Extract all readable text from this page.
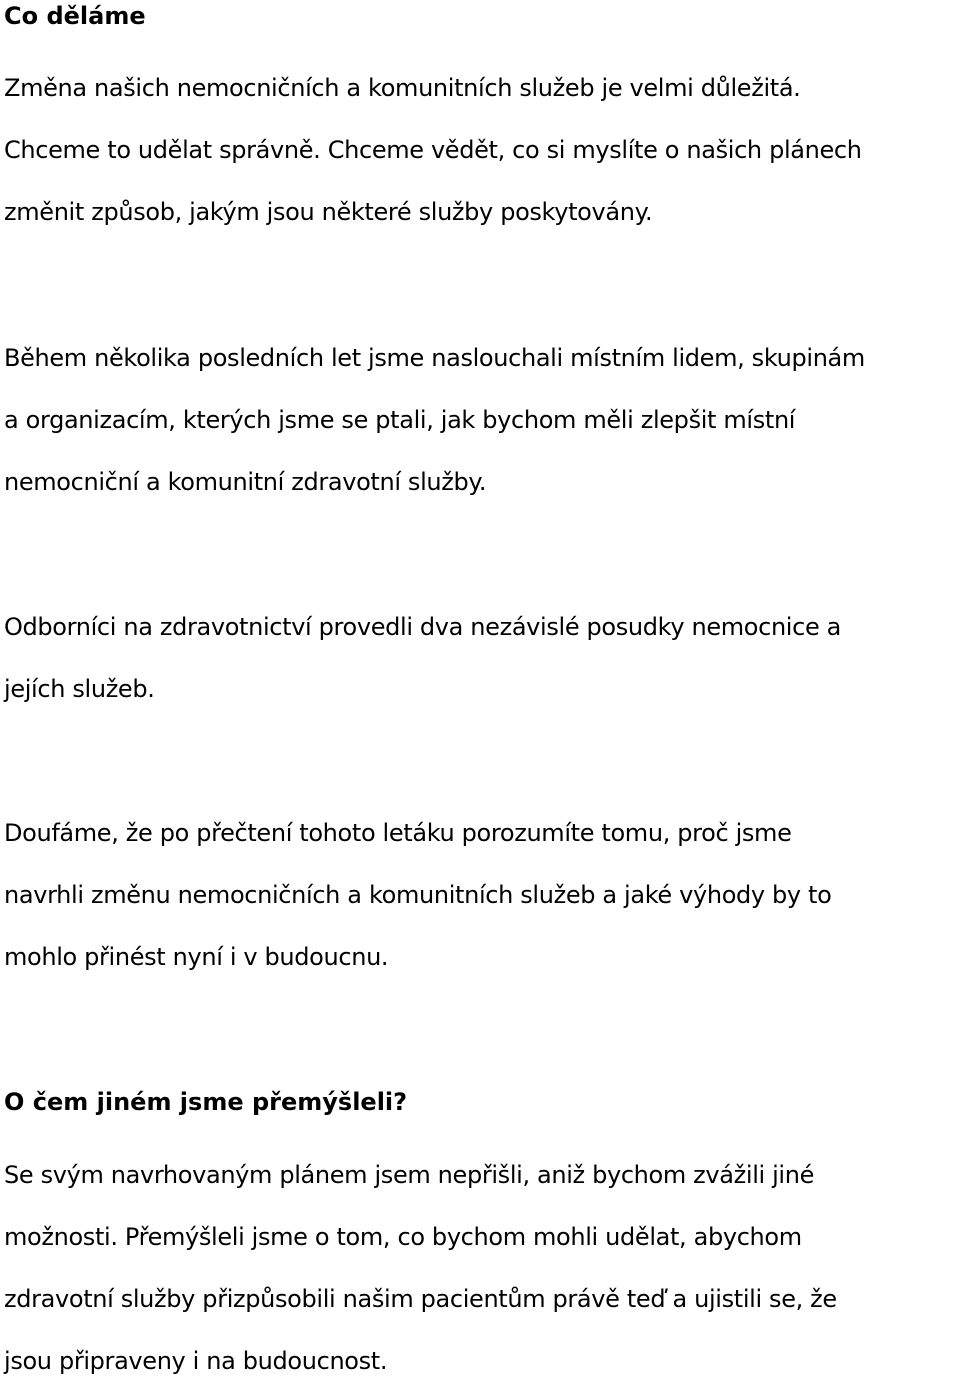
Co děláme

Změna našich nemocničních a komunitních služeb je velmi důležitá.
Chceme to udělat správně. Chceme vědět, co si myslíte o našich plánech
změnit způsob, jakým jsou některé služby poskytovány.

Během několika posledních let jsme naslouchali místním lidem, skupinám
a organizacím, kterých jsme se ptali, jak bychom měli zlepšit místní
nemocniční a komunitní zdravotní služby.

Odborníci na zdravotnictví provedli dva nezávislé posudky nemocnice a
jejích služeb.

Doufáme, že po přečtení tohoto letáku porozumíte tomu, proč jsme
navrhli změnu nemocničních a komunitních služeb a jaké výhody by to
mohlo přinést nyní i v budoucnu.

O čem jiném jsme přemýšleli?

Se svým navrhovaným plánem jsem nepřišli, aniž bychom zvážili jiné
možnosti. Přemýšleli jsme o tom, co bychom mohli udělat, abychom
zdravotní služby přizpůsobili našim pacientům právě teď a ujistili se, že
jsou připraveny i na budoucnost.
